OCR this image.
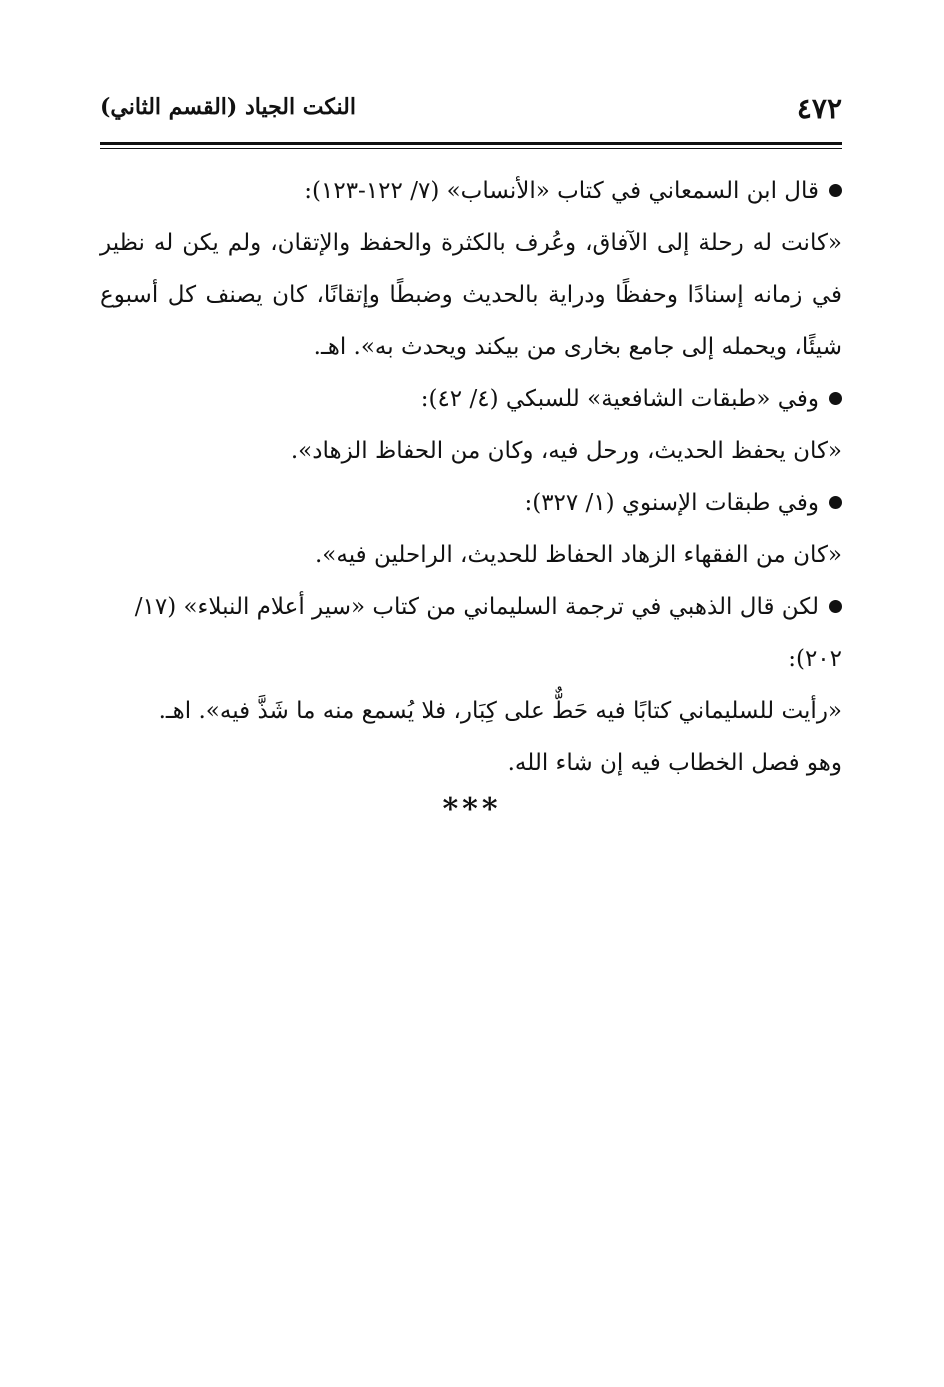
٤٧٢
النكت الجياد (القسم الثاني)

قال ابن السمعاني في كتاب «الأنساب» (٧/ ١٢٢-١٢٣):

«كانت له رحلة إلى الآفاق، وعُرف بالكثرة والحفظ والإتقان، ولم يكن له نظير في زمانه إسنادًا وحفظًا ودراية بالحديث وضبطًا وإتقانًا، كان يصنف كل أسبوع شيئًا، ويحمله إلى جامع بخارى من بيكند ويحدث به». اهـ.

وفي «طبقات الشافعية» للسبكي (٤/ ٤٢):

«كان يحفظ الحديث، ورحل فيه، وكان من الحفاظ الزهاد».

وفي طبقات الإسنوي (١/ ٣٢٧):

«كان من الفقهاء الزهاد الحفاظ للحديث، الراحلين فيه».

لكن قال الذهبي في ترجمة السليماني من كتاب «سير أعلام النبلاء» (١٧/ ٢٠٢):

«رأيت للسليماني كتابًا فيه حَطٌّ على كِبَار، فلا يُسمع منه ما شَذَّ فيه». اهـ.

وهو فصل الخطاب فيه إن شاء الله.

***
